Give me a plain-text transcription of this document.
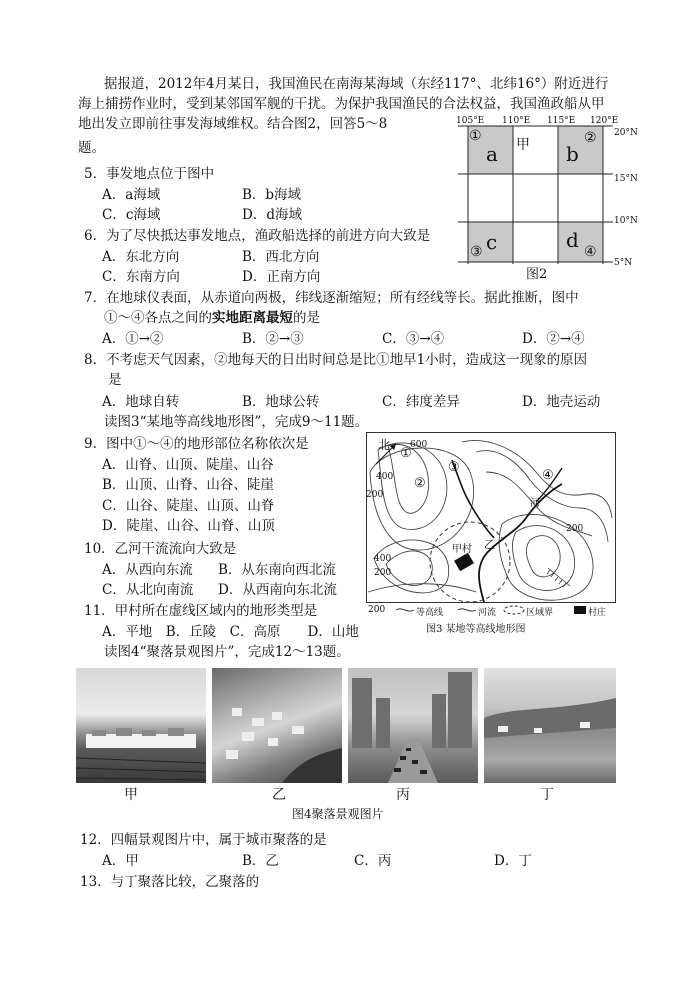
据报道，2012年4月某日，我国渔民在南海某海域（东经117°、北纬16°）附近进行海上捕捞作业时，受到某邻国军舰的干扰。为保护我国渔民的合法权益，我国渔政船从甲地出发立即前往事发海域维权。结合图2，回答5～8
题。
105°E 110°E 115°E 120°E
20°N
15°N
10°N
5°N
①
a 甲 b
②
c
③	d ④
图2
5．事发地点位于图中
A．a海域	B．b海域
C．c海域	D．d海域
6．为了尽快抵达事发地点，渔政船选择的前进方向大致是
A．东北方向	B．西北方向
C．东南方向	D．正南方向
7．在地球仪表面，从赤道向两极，纬线逐渐缩短；所有经线等长。据此推断，图中
①～④各点之间的实地距离最短的是
A．①→②	B．②→③	C．③→④	D．②→④
8．不考虑天气因素，②地每天的日出时间总是比①地早1小时，造成这一现象的原因
是
A．地球自转	B．地球公转	C．纬度差异	D．地壳运动
读图3“某地等高线地形图”，完成9～11题。
9．图中①～④的地形部位名称依次是
A．山脊、山顶、陡崖、山谷
B．山顶、山脊、山谷、陡崖
C．山谷、陡崖、山顶、山脊
D．陡崖、山谷、山脊、山顶
10．乙河干流流向大致是
A．从西向东流 B．从东南向西北流
C．从北向南流 D．从西南向东北流
11．甲村所在虚线区域内的地形类型是
A．平地　B．丘陵　C．高原　　D．山地
读图4“聚落景观图片”，完成12～13题。
北 600
400
200
400
200
200
①
②
③
④
甲村 乙
河
200	等高线	河流	区域界	村庄
图3 某地等高线地形图
甲	乙	丙	丁
图4聚落景观图片
12．四幅景观图片中，属于城市聚落的是
A．甲	B．乙	C．丙	D．丁
13．与丁聚落比较，乙聚落的
